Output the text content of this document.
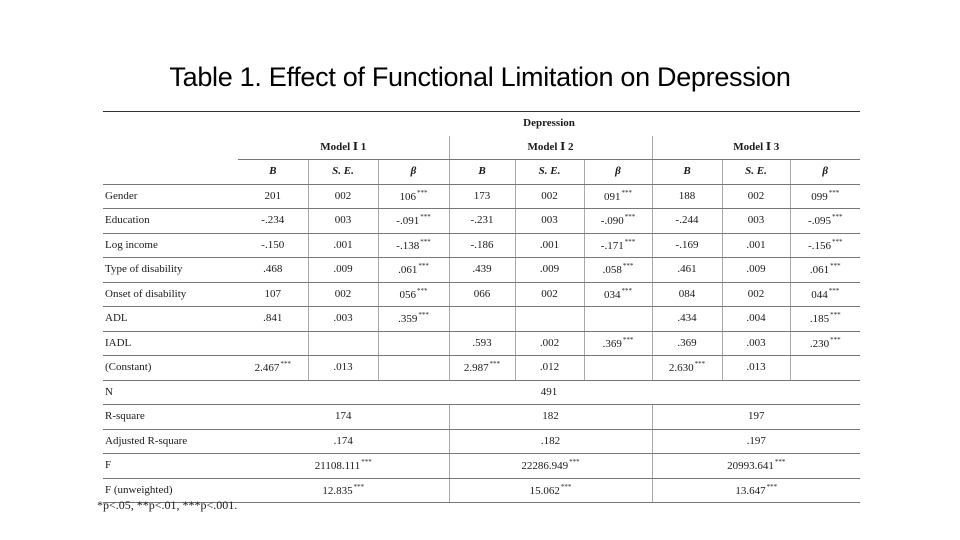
Table 1. Effect of Functional Limitation on Depression
	Depression								
	Model Ⅰ 1			Model Ⅰ 2			Model Ⅰ 3		
	B	S. E.	β	B	S. E.	β	B	S. E.	β
Gender	201	002	106***	173	002	091***	188	002	099***
Education	-.234	003	-.091***	-.231	003	-.090***	-.244	003	-.095***
Log income	-.150	.001	-.138***	-.186	.001	-.171***	-.169	.001	-.156***
Type of disability	.468	.009	.061***	.439	.009	.058***	.461	.009	.061***
Onset of disability	107	002	056***	066	002	034***	084	002	044***
ADL	.841	.003	.359***				.434	.004	.185***
IADL				.593	.002	.369***	.369	.003	.230***
(Constant)	2.467***	.013		2.987***	.012		2.630***	.013	
N	491								
R-square	174			182			197		
Adjusted R-square	.174			.182			.197		
F	21108.111***			22286.949***			20993.641***
F (unweighted)	12.835***			15.062***			13.647***
*p<.05, **p<.01, ***p<.001.
